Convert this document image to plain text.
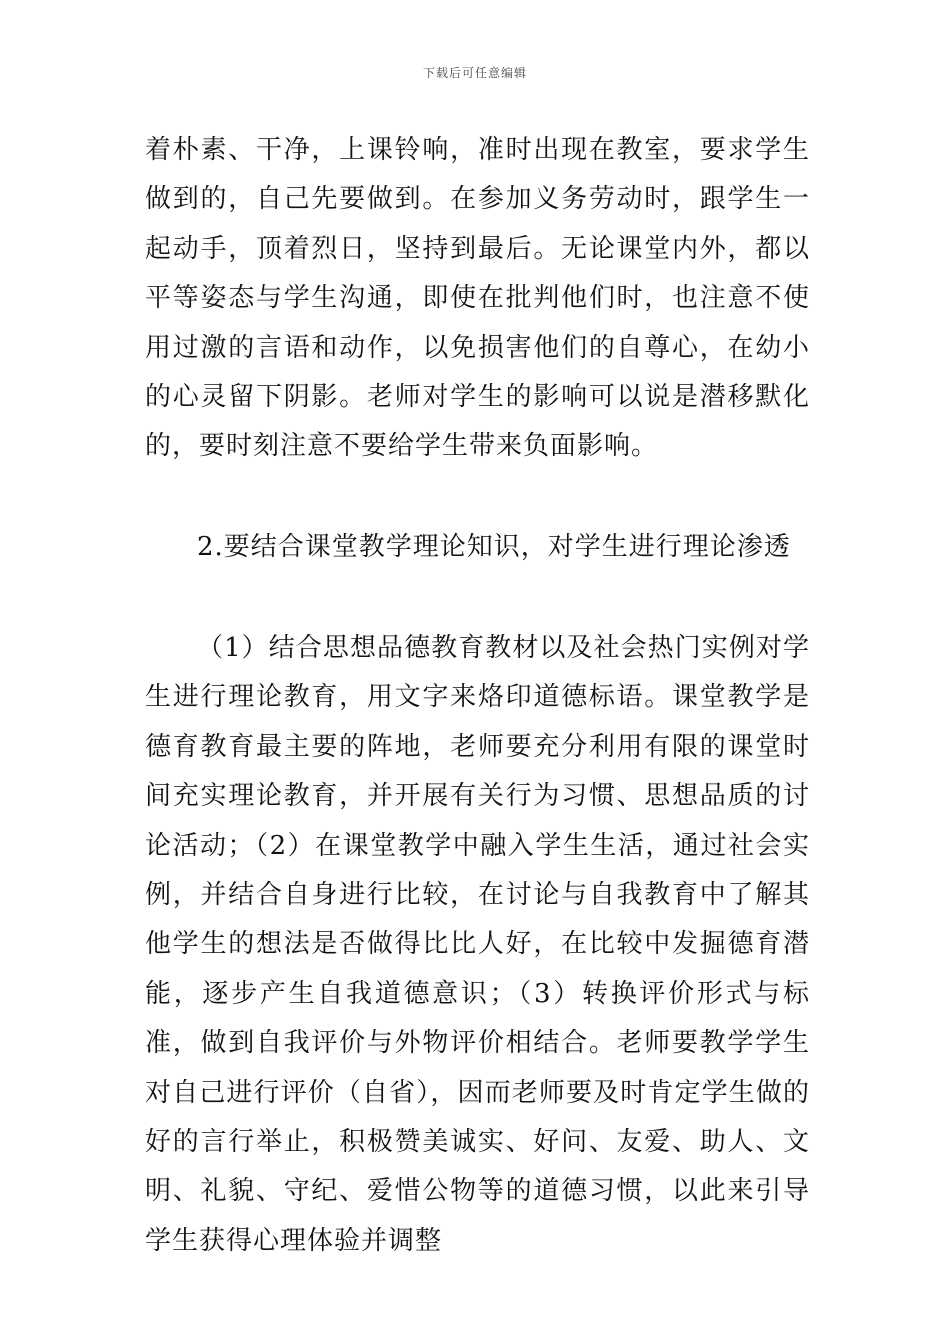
下载后可任意编辑
着朴素、干净，上课铃响，准时出现在教室，要求学生做到的，自己先要做到。在参加义务劳动时，跟学生一起动手，顶着烈日，坚持到最后。无论课堂内外，都以平等姿态与学生沟通，即使在批判他们时，也注意不使用过激的言语和动作，以免损害他们的自尊心，在幼小的心灵留下阴影。老师对学生的影响可以说是潜移默化的，要时刻注意不要给学生带来负面影响。
2.要结合课堂教学理论知识，对学生进行理论渗透
（1）结合思想品德教育教材以及社会热门实例对学生进行理论教育，用文字来烙印道德标语。课堂教学是德育教育最主要的阵地，老师要充分利用有限的课堂时间充实理论教育，并开展有关行为习惯、思想品质的讨论活动；（2）在课堂教学中融入学生生活，通过社会实例，并结合自身进行比较，在讨论与自我教育中了解其他学生的想法是否做得比比人好，在比较中发掘德育潜能，逐步产生自我道德意识；（3）转换评价形式与标准，做到自我评价与外物评价相结合。老师要教学学生对自己进行评价（自省），因而老师要及时肯定学生做的好的言行举止，积极赞美诚实、好问、友爱、助人、文明、礼貌、守纪、爱惜公物等的道德习惯，以此来引导学生获得心理体验并调整
